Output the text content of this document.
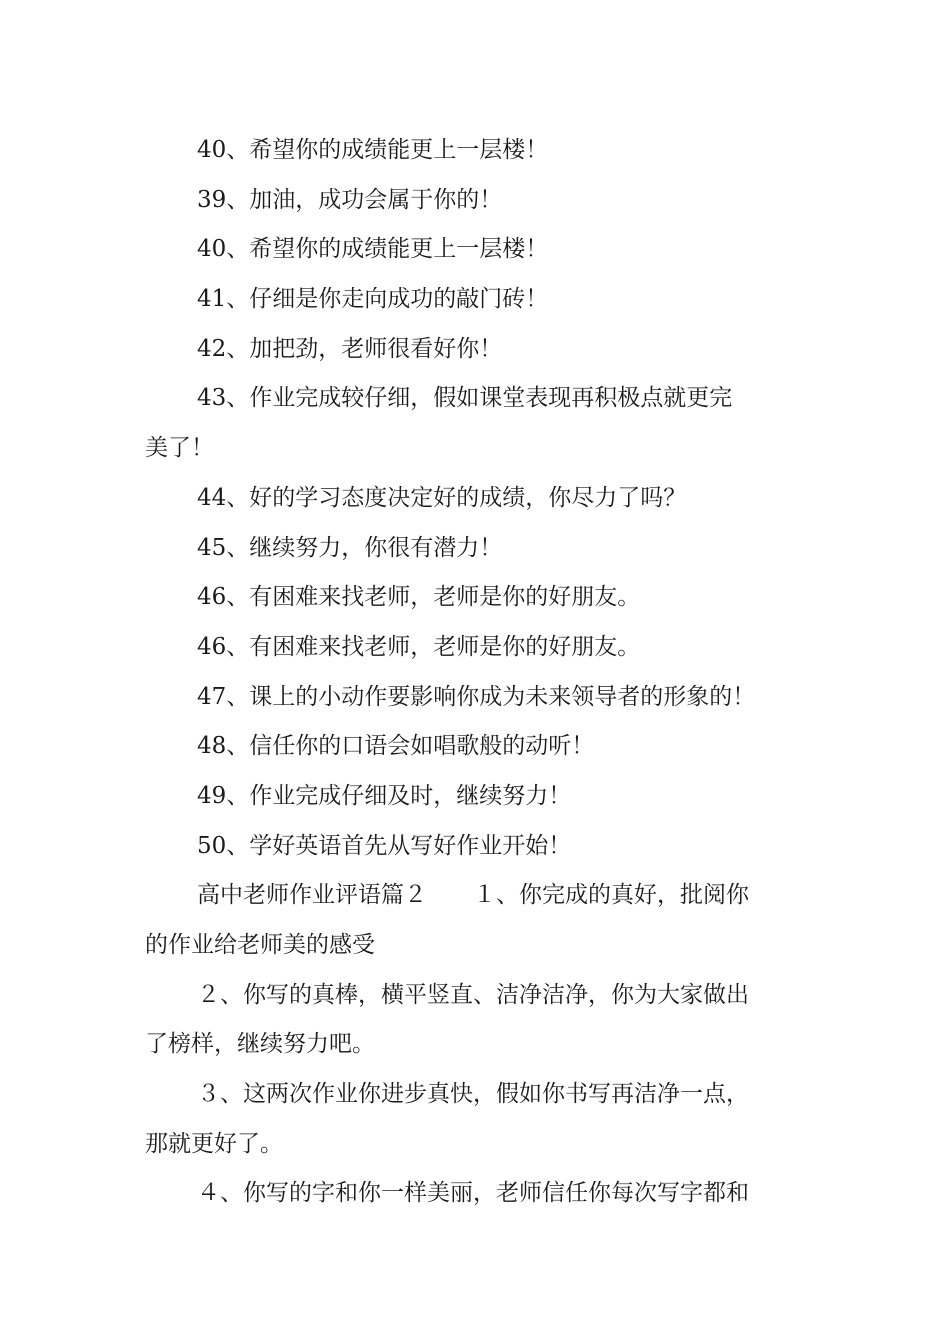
40、希望你的成绩能更上一层楼！
39、加油，成功会属于你的！
40、希望你的成绩能更上一层楼！
41、仔细是你走向成功的敲门砖！
42、加把劲，老师很看好你！
43、作业完成较仔细，假如课堂表现再积极点就更完
美了！
44、好的学习态度决定好的成绩，你尽力了吗？
45、继续努力，你很有潜力！
46、有困难来找老师，老师是你的好朋友。
46、有困难来找老师，老师是你的好朋友。
47、课上的小动作要影响你成为未来领导者的形象的！
48、信任你的口语会如唱歌般的动听！
49、作业完成仔细及时，继续努力！
50、学好英语首先从写好作业开始！
高中老师作业评语篇２　　１、你完成的真好，批阅你
的作业给老师美的感受
２、你写的真棒，横平竖直、洁净洁净，你为大家做出
了榜样，继续努力吧。
３、这两次作业你进步真快，假如你书写再洁净一点，
那就更好了。
４、你写的字和你一样美丽，老师信任你每次写字都和
